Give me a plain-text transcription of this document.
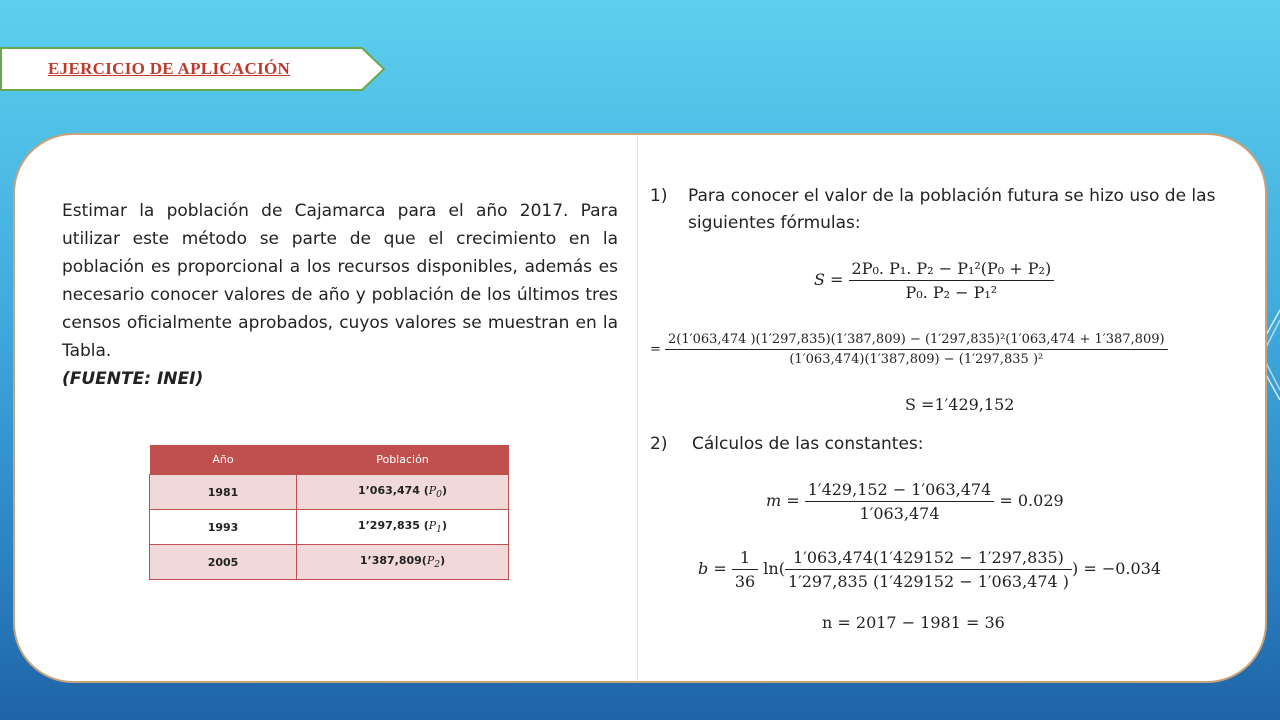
EJERCICIO DE APLICACIÓN
Estimar la población de Cajamarca para el año 2017. Para utilizar este método se parte de que el crecimiento en la población es proporcional a los recursos disponibles, además es necesario conocer valores de año y población de los últimos tres censos oficialmente aprobados, cuyos valores se muestran en la Tabla.
(FUENTE: INEI)
Año	Población
1981	1’063,474 $(P_0)$
1993	1’297,835 $(P_1)$
2005	$1’387,809(P_2)$
1) Para conocer el valor de la población futura se hizo uso de las siguientes fórmulas:
$S = \frac{\text{2P₀. P₁. P₂ − P₁²(P₀ + P₂)}}{\text{P₀. P₂ − P₁²}}$
=
2(1′063,474 )(1′297,835)(1′387,809) − (1′297,835)²(1′063,474 + 1′387,809)
(1′063,474)(1′387,809) − (1′297,835 )²
S =1′429,152
2) Cálculos de las constantes:
$m = \frac{1'429,152 - 1'063,474}{1'063,474} = 0.029$
$b = \frac{1}{36} \ln( \frac{1'063,474(1'429152 - 1'297,835)}{1'297,835 (1'429152 - 1'063,474 )}$ ) = −0.034
n = 2017 − 1981 = 36
